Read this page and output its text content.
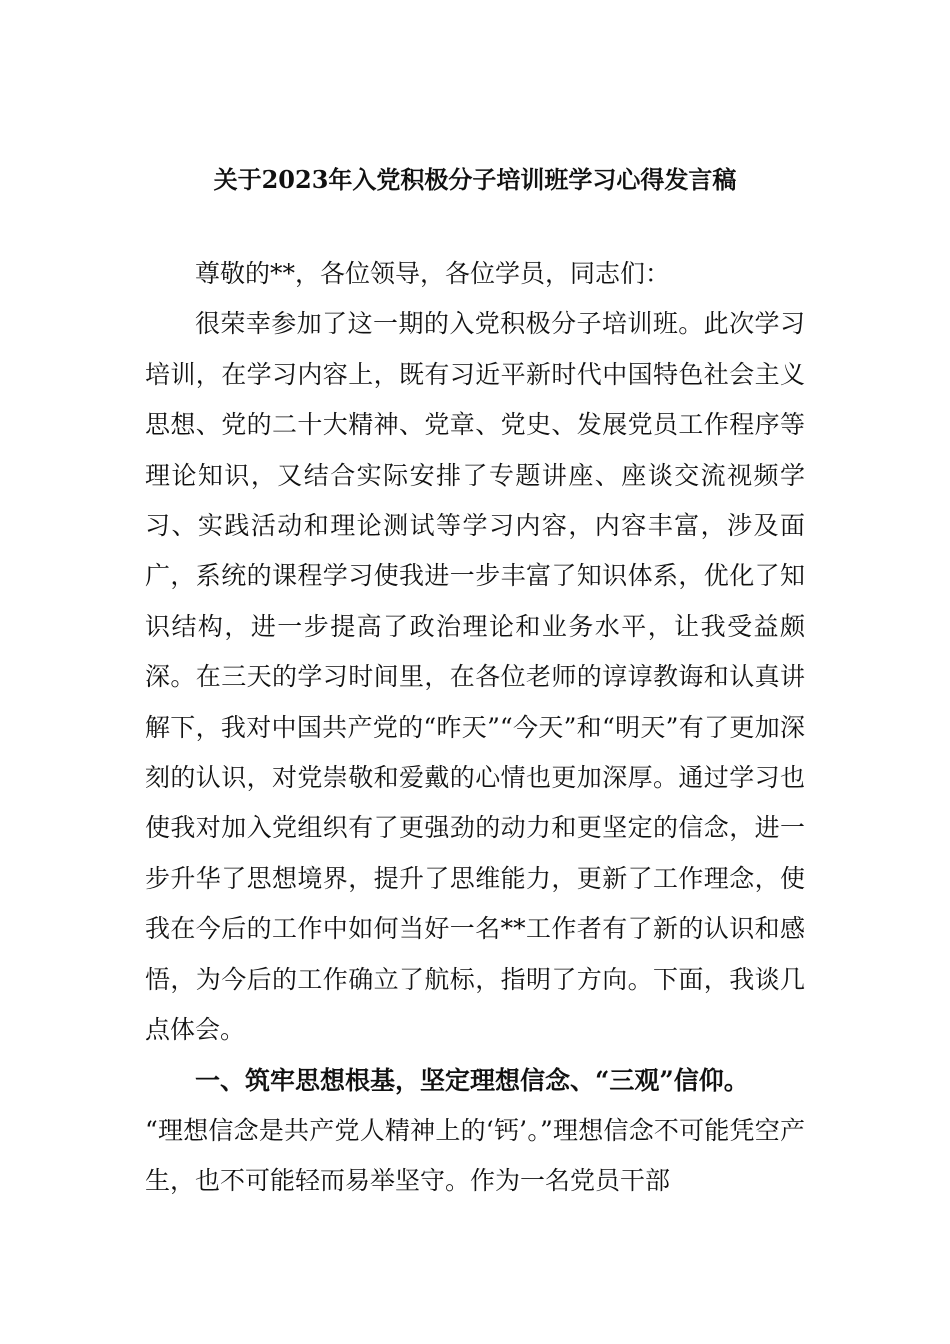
关于2023年入党积极分子培训班学习心得发言稿

尊敬的**，各位领导，各位学员，同志们：

很荣幸参加了这一期的入党积极分子培训班。此次学习培训，在学习内容上，既有习近平新时代中国特色社会主义思想、党的二十大精神、党章、党史、发展党员工作程序等理论知识，又结合实际安排了专题讲座、座谈交流视频学习、实践活动和理论测试等学习内容，内容丰富，涉及面广，系统的课程学习使我进一步丰富了知识体系，优化了知识结构，进一步提高了政治理论和业务水平，让我受益颇深。在三天的学习时间里，在各位老师的谆谆教诲和认真讲解下，我对中国共产党的“昨天”“今天”和“明天”有了更加深刻的认识，对党崇敬和爱戴的心情也更加深厚。通过学习也使我对加入党组织有了更强劲的动力和更坚定的信念，进一步升华了思想境界，提升了思维能力，更新了工作理念，使我在今后的工作中如何当好一名**工作者有了新的认识和感悟，为今后的工作确立了航标，指明了方向。下面，我谈几点体会。

一、筑牢思想根基，坚定理想信念、“三观”信仰。

“理想信念是共产党人精神上的‘钙’。”理想信念不可能凭空产生，也不可能轻而易举坚守。作为一名党员干部
